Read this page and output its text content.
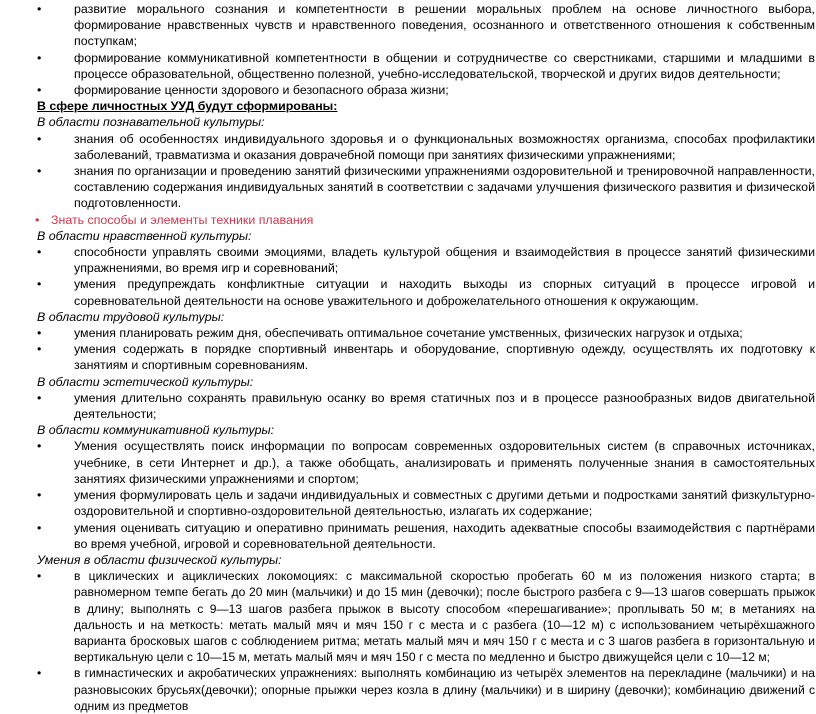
• развитие морального сознания и компетентности в решении моральных проблем на основе личностного выбора, формирование нравственных чувств и нравственного поведения, осознанного и ответственного отношения к собственным поступкам;

• формирование коммуникативной компетентности в общении и сотрудничестве со сверстниками, старшими и младшими в процессе образовательной, общественно полезной, учебно-исследовательской, творческой и других видов деятельности;

• формирование ценности здорового и безопасного образа жизни;

В сфере личностных УУД будут сформированы:

В области познавательной культуры:

• знания об особенностях индивидуального здоровья и о функциональных возможностях организма, способах профилактики заболеваний, травматизма и оказания доврачебной помощи при занятиях физическими упражнениями;

• знания по организации и проведению занятий физическими упражнениями оздоровительной и тренировочной направленности, составлению содержания индивидуальных занятий в соответствии с задачами улучшения физического развития и физической подготовленности.

• Знать способы и элементы техники плавания

В области нравственной культуры:

• способности управлять своими эмоциями, владеть культурой общения и взаимодействия в процессе занятий физическими упражнениями, во время игр и соревнований;

• умения предупреждать конфликтные ситуации и находить выходы из спорных ситуаций в процессе игровой и соревновательной деятельности на основе уважительного и доброжелательного отношения к окружающим.

В области трудовой культуры:

• умения планировать режим дня, обеспечивать оптимальное сочетание умственных, физических нагрузок и отдыха;

• умения содержать в порядке спортивный инвентарь и оборудование, спортивную одежду, осуществлять их подготовку к занятиям и спортивным соревнованиям.

В области эстетической культуры:

• умения длительно сохранять правильную осанку во время статичных поз и в процессе разнообразных видов двигательной деятельности;

В области коммуникативной культуры:

• Умения осуществлять поиск информации по вопросам современных оздоровительных систем (в справочных источниках, учебнике, в сети Интернет и др.), а также обобщать, анализировать и применять полученные знания в самостоятельных занятиях физическими упражнениями и спортом;

• умения формулировать цель и задачи индивидуальных и совместных с другими детьми и подростками занятий физкультурно-оздоровительной и спортивно-оздоровительной деятельностью, излагать их содержание;

• умения оценивать ситуацию и оперативно принимать решения, находить адекватные способы взаимодействия с партнёрами во время учебной, игровой и соревновательной деятельности.

Умения в области физической культуры:

• в циклических и ациклических локомоциях: с максимальной скоростью пробегать 60 м из положения низкого старта; в равномерном темпе бегать до 20 мин (мальчики) и до 15 мин (девочки); после быстрого разбега с 9—13 шагов совершать прыжок в длину; выполнять с 9—13 шагов разбега прыжок в высоту способом «перешагивание»; проплывать 50 м; в метаниях на дальность и на меткость: метать малый мяч и мяч 150 г с места и с разбега (10—12 м) с использованием четырёхшажного варианта бросковых шагов с соблюдением ритма; метать малый мяч и мяч 150 г с места и с 3 шагов разбега в горизонтальную и вертикальную цели с 10—15 м, метать малый мяч и мяч 150 г с места по медленно и быстро движущейся цели с 10—12 м;

• в гимнастических и акробатических упражнениях: выполнять комбинацию из четырёх элементов на перекладине (мальчики) и на разновысоких брусьях(девочки); опорные прыжки через козла в длину (мальчики) и в ширину (девочки); комбинацию движений с одним из предметов
